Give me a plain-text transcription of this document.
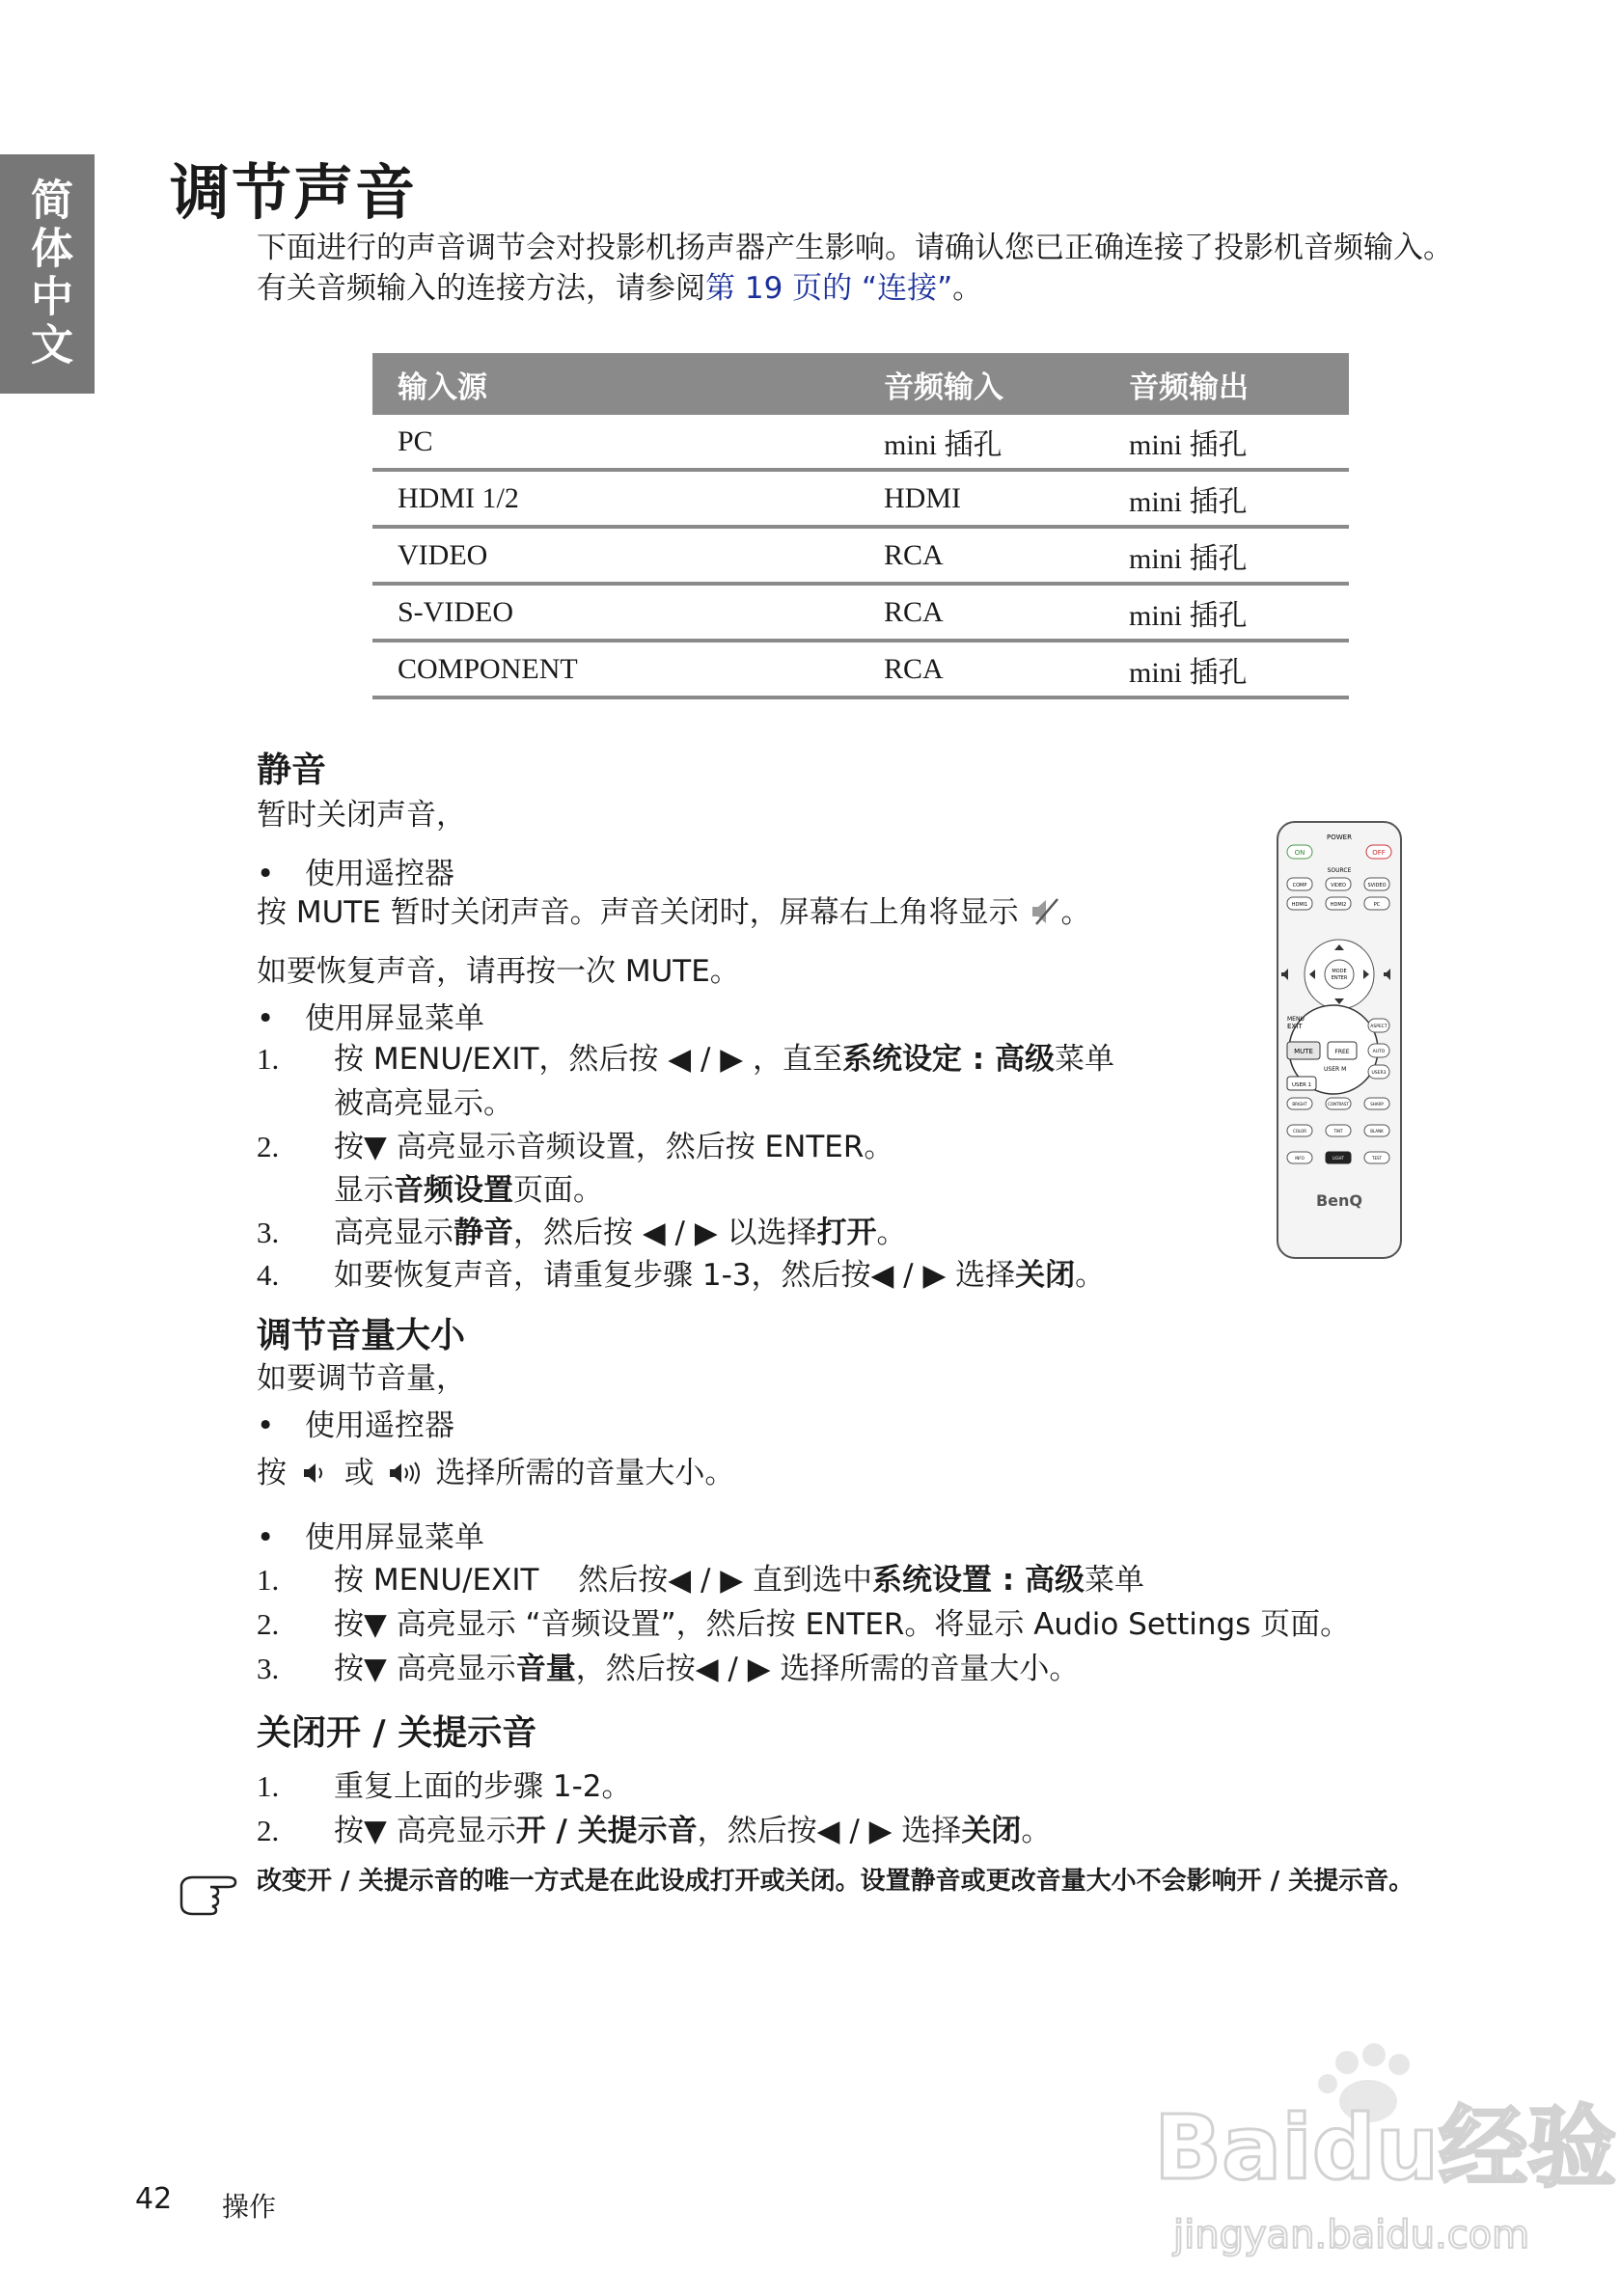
简体中文 调节声音

下面进行的声音调节会对投影机扬声器产生影响。请确认您已正确连接了投影机音频输入。有关音频输入的连接方法，请参阅第 19 页的 “连接”。

输入源	音频输入	音频输出
PC	mini 插孔	mini 插孔
HDMI 1/2	HDMI	mini 插孔
VIDEO	RCA	mini 插孔
S-VIDEO	RCA	mini 插孔
COMPONENT	RCA	mini 插孔
静音

暂时关闭声音，

• 使用遥控器

按 MUTE 暂时关闭声音。声音关闭时，屏幕右上角将显示 。

如要恢复声音，请再按一次 MUTE。

• 使用屏显菜单
1. 按 MENU/EXIT，然后按 ◀ / ▶ ，直至系统设定 : 高级菜单
被高亮显示。
2. 按▼ 高亮显示音频设置，然后按 ENTER。
显示音频设置页面。
3. 高亮显示静音，然后按 ◀ / ▶ 以选择打开。
4. 如要恢复声音，请重复步骤 1-3，然后按◀ / ▶ 选择关闭。
POWER
ON	OFF
SOURCE
COMP	VIDEO	SVIDEO
HDMI1	HDMI2	PC
MODE
ENTER
MENU
EXIT	ASPECT
MUTE	FREE	AUTO
USER M
USER 1
USER3
BRIGHT	CONTRAST	SHARP
COLOR	TINT	BLANK
INFO	LIGHT	TEST
BenQ
调节音量大小

如要调节音量，

• 使用遥控器

按 或 选择所需的音量大小。

• 使用屏显菜单
1. 按 MENU/EXIT　 然后按◀ / ▶ 直到选中系统设置 : 高级菜单
2. 按▼ 高亮显示 “音频设置”，然后按 ENTER。将显示 Audio Settings 页面。
3. 按▼ 高亮显示音量，然后按◀ / ▶ 选择所需的音量大小。
关闭开 / 关提示音
1. 重复上面的步骤 1-2。
2. 按▼ 高亮显示开 / 关提示音，然后按◀ / ▶ 选择关闭。

改变开 / 关提示音的唯一方式是在此设成打开或关闭。设置静音或更改音量大小不会影响开 / 关提示音。

42 操作
Baidu经验
jingyan.baidu.com
